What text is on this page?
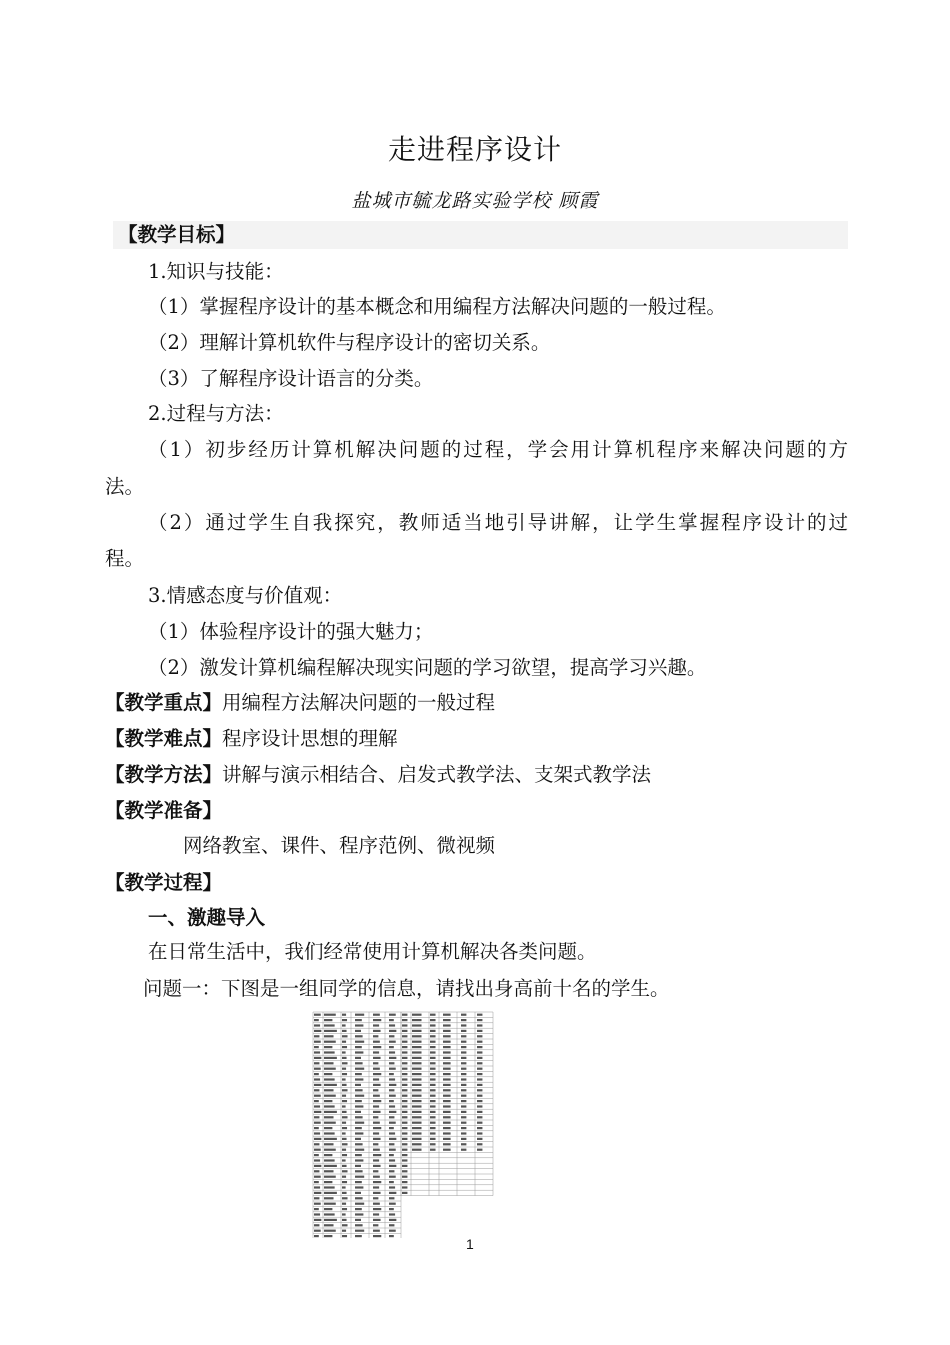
走进程序设计
盐城市毓龙路实验学校 顾霞
【教学目标】
1.知识与技能：
（1）掌握程序设计的基本概念和用编程方法解决问题的一般过程。
（2）理解计算机软件与程序设计的密切关系。
（3）了解程序设计语言的分类。
2.过程与方法：
（1）初步经历计算机解决问题的过程，学会用计算机程序来解决问题的方
法。
（2）通过学生自我探究，教师适当地引导讲解，让学生掌握程序设计的过
程。
3.情感态度与价值观：
（1）体验程序设计的强大魅力；
（2）激发计算机编程解决现实问题的学习欲望，提高学习兴趣。
【教学重点】用编程方法解决问题的一般过程
【教学难点】程序设计思想的理解
【教学方法】讲解与演示相结合、启发式教学法、支架式教学法
【教学准备】
网络教室、课件、程序范例、微视频
【教学过程】
一、激趣导入
在日常生活中，我们经常使用计算机解决各类问题。
问题一：下图是一组同学的信息，请找出身高前十名的学生。
1
